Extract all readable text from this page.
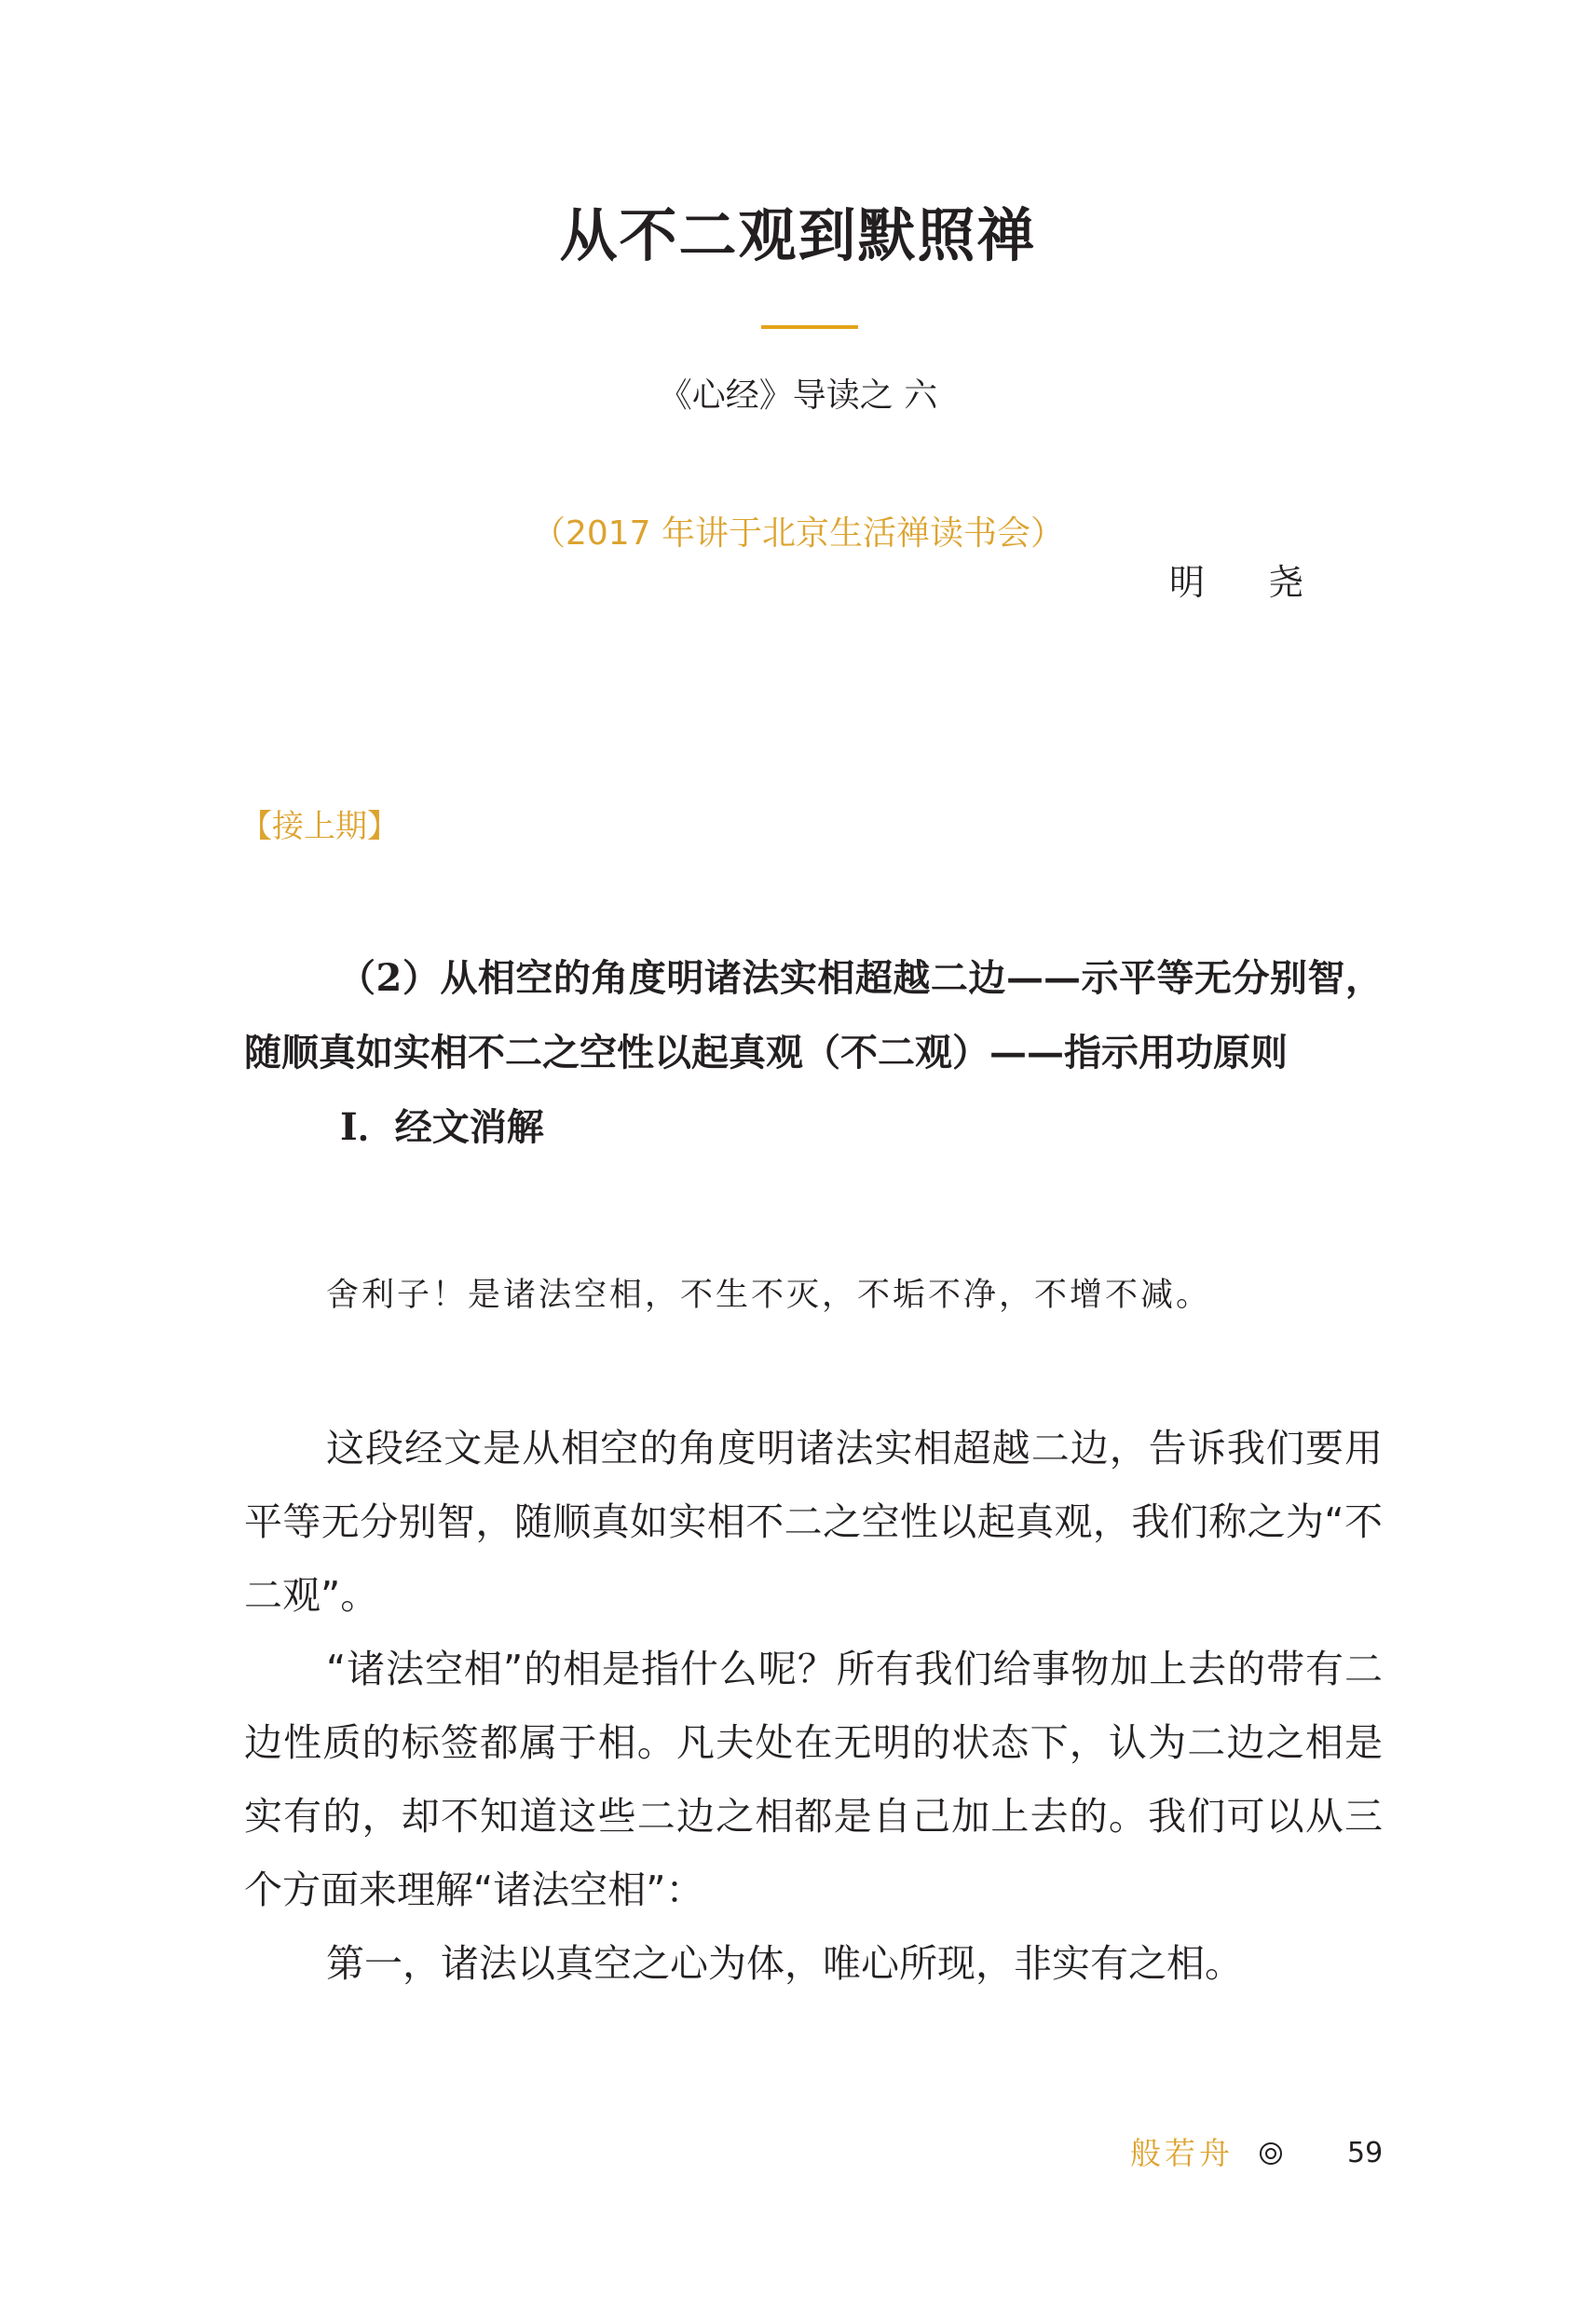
从不二观到默照禅
《心经》导读之 六
（2017 年讲于北京生活禅读书会）
明 尧
【接上期】

（2）从相空的角度明诸法实相超越二边——示平等无分别智，随顺真如实相不二之空性以起真观（不二观）——指示用功原则

I．经文消解

舍利子！是诸法空相，不生不灭，不垢不净，不增不减。

这段经文是从相空的角度明诸法实相超越二边，告诉我们要用平等无分别智，随顺真如实相不二之空性以起真观，我们称之为“不二观”。

“诸法空相”的相是指什么呢？所有我们给事物加上去的带有二边性质的标签都属于相。凡夫处在无明的状态下，认为二边之相是实有的，却不知道这些二边之相都是自己加上去的。我们可以从三个方面来理解“诸法空相”：

第一，诸法以真空之心为体，唯心所现，非实有之相。

般若舟	59
